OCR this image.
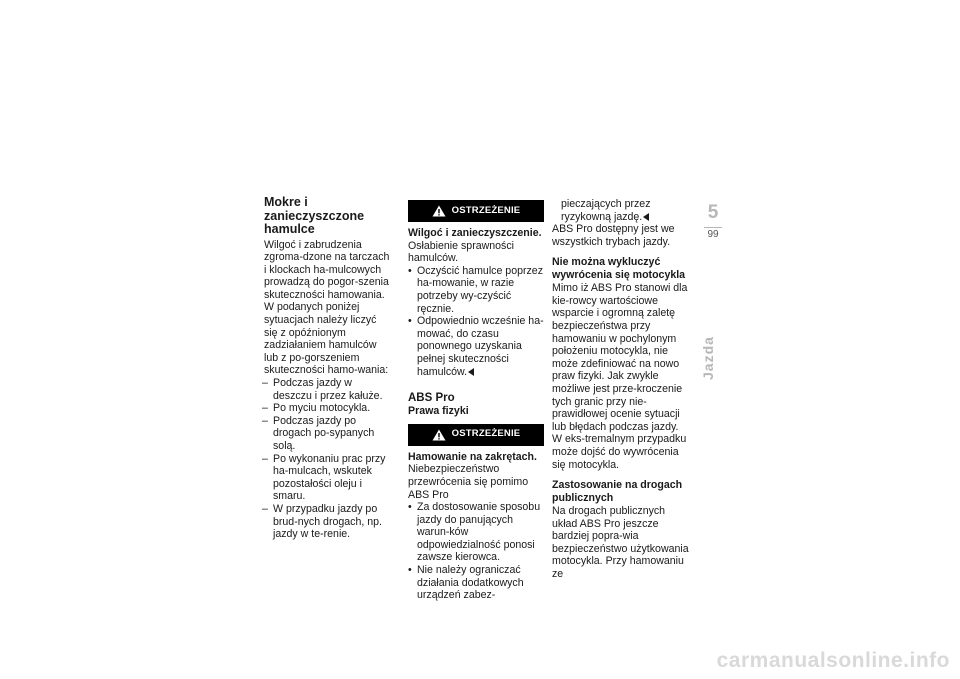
Mokre i zanieczyszczone hamulce

Wilgoć i zabrudzenia zgroma-dzone na tarczach i klockach ha-mulcowych prowadzą do pogor-szenia skuteczności hamowania. W podanych poniżej sytuacjach należy liczyć się z opóźnionym zadziałaniem hamulców lub z po-gorszeniem skuteczności hamo-wania:

– Podczas jazdy w deszczu i przez kałuże.
– Po myciu motocykla.
– Podczas jazdy po drogach po-sypanych solą.
– Po wykonaniu prac przy ha-mulcach, wskutek pozostałości oleju i smaru.
– W przypadku jazdy po brud-nych drogach, np. jazdy w te-renie.
OSTRZEŻENIE

Wilgoć i zanieczyszczenie.

Osłabienie sprawności hamulców.

• Oczyścić hamulce poprzez ha-mowanie, w razie potrzeby wy-czyścić ręcznie.
• Odpowiednio wcześnie ha-mować, do czasu ponownego uzyskania pełnej skuteczności hamulców.
ABS Pro

Prawa fizyki

OSTRZEŻENIE

Hamowanie na zakrętach.

Niebezpieczeństwo przewrócenia się pomimo ABS Pro

• Za dostosowanie sposobu jazdy do panujących warun-ków odpowiedzialność ponosi zawsze kierowca.
• Nie należy ograniczać działania dodatkowych urządzeń zabez-

pieczających przez ryzykowną jazdę.

ABS Pro dostępny jest we wszystkich trybach jazdy.

Nie można wykluczyć wywrócenia się motocykla

Mimo iż ABS Pro stanowi dla kie-rowcy wartościowe wsparcie i ogromną zaletę bezpieczeństwa przy hamowaniu w pochylonym położeniu motocykla, nie może zdefiniować na nowo praw fizyki. Jak zwykle możliwe jest prze-kroczenie tych granic przy nie-prawidłowej ocenie sytuacji lub błędach podczas jazdy. W eks-tremalnym przypadku może dojść do wywrócenia się motocykla.

Zastosowanie na drogach publicznych

Na drogach publicznych układ ABS Pro jeszcze bardziej popra-wia bezpieczeństwo użytkowania motocykla. Przy hamowaniu ze

5
99
Jazda
carmanualsonline.info
